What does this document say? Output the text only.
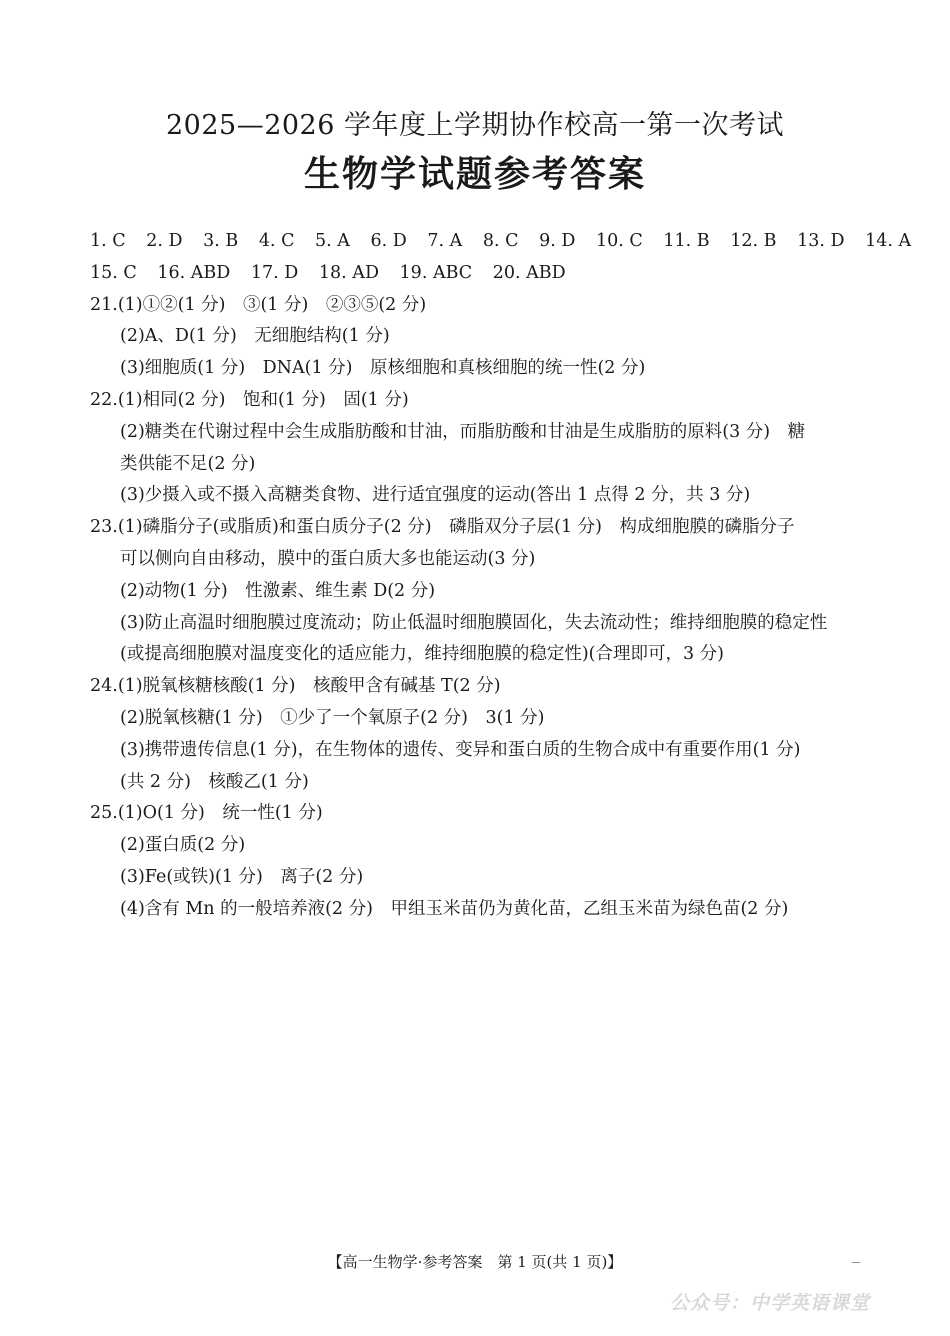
2025—2026 学年度上学期协作校高一第一次考试
生物学试题参考答案
1. C 2. D 3. B 4. C 5. A 6. D 7. A 8. C 9. D 10. C 11. B 12. B 13. D 14. A
15. C 16. ABD 17. D 18. AD 19. ABC 20. ABD
21.(1)①②(1 分)　③(1 分)　②③⑤(2 分)
(2)A、D(1 分)　无细胞结构(1 分)
(3)细胞质(1 分)　DNA(1 分)　原核细胞和真核细胞的统一性(2 分)
22.(1)相同(2 分)　饱和(1 分)　固(1 分)
(2)糖类在代谢过程中会生成脂肪酸和甘油，而脂肪酸和甘油是生成脂肪的原料(3 分)　糖
类供能不足(2 分)
(3)少摄入或不摄入高糖类食物、进行适宜强度的运动(答出 1 点得 2 分，共 3 分)
23.(1)磷脂分子(或脂质)和蛋白质分子(2 分)　磷脂双分子层(1 分)　构成细胞膜的磷脂分子
可以侧向自由移动，膜中的蛋白质大多也能运动(3 分)
(2)动物(1 分)　性激素、维生素 D(2 分)
(3)防止高温时细胞膜过度流动；防止低温时细胞膜固化，失去流动性；维持细胞膜的稳定性
(或提高细胞膜对温度变化的适应能力，维持细胞膜的稳定性)(合理即可，3 分)
24.(1)脱氧核糖核酸(1 分)　核酸甲含有碱基 T(2 分)
(2)脱氧核糖(1 分)　①少了一个氧原子(2 分)　3(1 分)
(3)携带遗传信息(1 分)，在生物体的遗传、变异和蛋白质的生物合成中有重要作用(1 分)
(共 2 分)　核酸乙(1 分)
25.(1)O(1 分)　统一性(1 分)
(2)蛋白质(2 分)
(3)Fe(或铁)(1 分)　离子(2 分)
(4)含有 Mn 的一般培养液(2 分)　甲组玉米苗仍为黄化苗，乙组玉米苗为绿色苗(2 分)
【高一生物学·参考答案　第 1 页(共 1 页)】
公众号：中学英语课堂
